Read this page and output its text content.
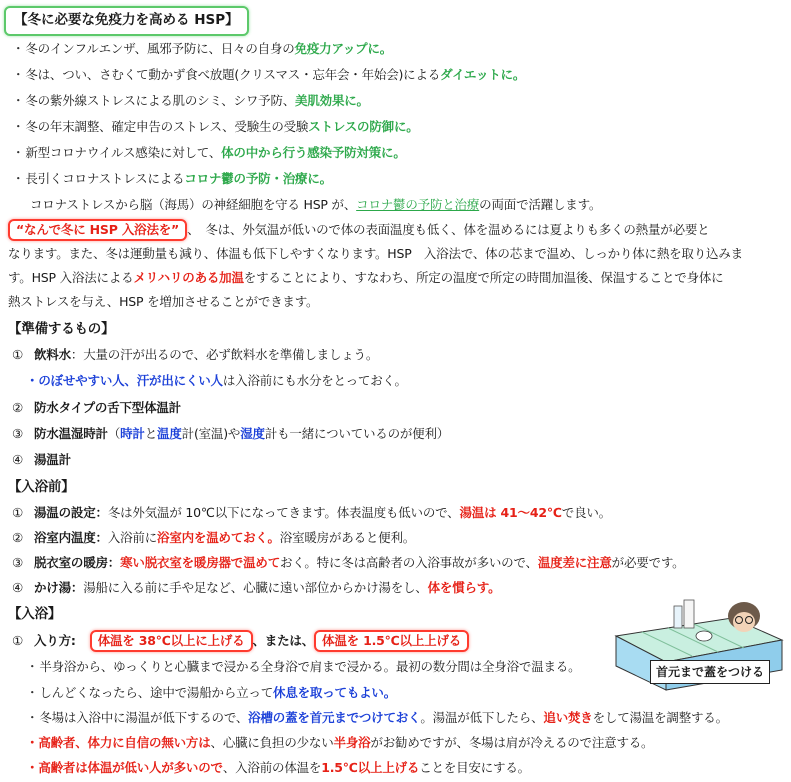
【冬に必要な免疫力を高める HSP】
・冬のインフルエンザ、風邪予防に、日々の自身の免疫力アップに。
・冬は、つい、さむくて動かず食べ放題(クリスマス・忘年会・年始会)によるダイエットに。
・冬の紫外線ストレスによる肌のシミ、シワ予防、美肌効果に。
・冬の年末調整、確定申告のストレス、受験生の受験ストレスの防御に。
・新型コロナウイルス感染に対して、体の中から行う感染予防対策に。
・長引くコロナストレスによるコロナ鬱の予防・治療に。
コロナストレスから脳（海馬）の神経細胞を守る HSP が、コロナ鬱の予防と治療の両面で活躍します。
“なんで冬に HSP 入浴法を” 、　冬は、外気温が低いので体の表面温度も低く、体を温めるには夏よりも多くの熱量が必要と
なります。また、冬は運動量も減り、体温も低下しやすくなります。HSP　入浴法で、体の芯まで温め、しっかり体に熱を取り込みま
す。HSP 入浴法によるメリハリのある加温をすることにより、すなわち、所定の温度で所定の時間加温後、保温することで身体に
熱ストレスを与え、HSP を増加させることができます。
【準備するもの】
① 飲料水：大量の汗が出るので、必ず飲料水を準備しましょう。
・のぼせやすい人、汗が出にくい人は入浴前にも水分をとっておく。
② 防水タイプの舌下型体温計
③ 防水温湿時計（時計と温度計(室温)や湿度計も一緒についているのが便利）
④ 湯温計
【入浴前】
① 湯温の設定：冬は外気温が 10℃以下になってきます。体表温度も低いので、湯温は 41～42℃で良い。
② 浴室内温度：入浴前に浴室内を温めておく。浴室暖房があると便利。
③ 脱衣室の暖房：寒い脱衣室を暖房器で温めておく。特に冬は高齢者の入浴事故が多いので、温度差に注意が必要です。
④ かけ湯：湯船に入る前に手や足など、心臓に遠い部位からかけ湯をし、体を慣らす。
【入浴】
① 入り方: 体温を 38℃以上に上げる 、または、 体温を 1.5℃以上上げる
・半身浴から、ゆっくりと心臓まで浸かる全身浴で肩まで浸かる。最初の数分間は全身浴で温まる。
・しんどくなったら、途中で湯船から立って休息を取ってもよい。
・冬場は入浴中に湯温が低下するので、浴槽の蓋を首元までつけておく。湯温が低下したら、追い焚きをして湯温を調整する。
・高齢者、体力に自信の無い方は、心臓に負担の少ない半身浴がお勧めですが、冬場は肩が冷えるので注意する。
・高齢者は体温が低い人が多いので、入浴前の体温を1.5℃以上上げることを目安にする。
首元まで蓋をつける
